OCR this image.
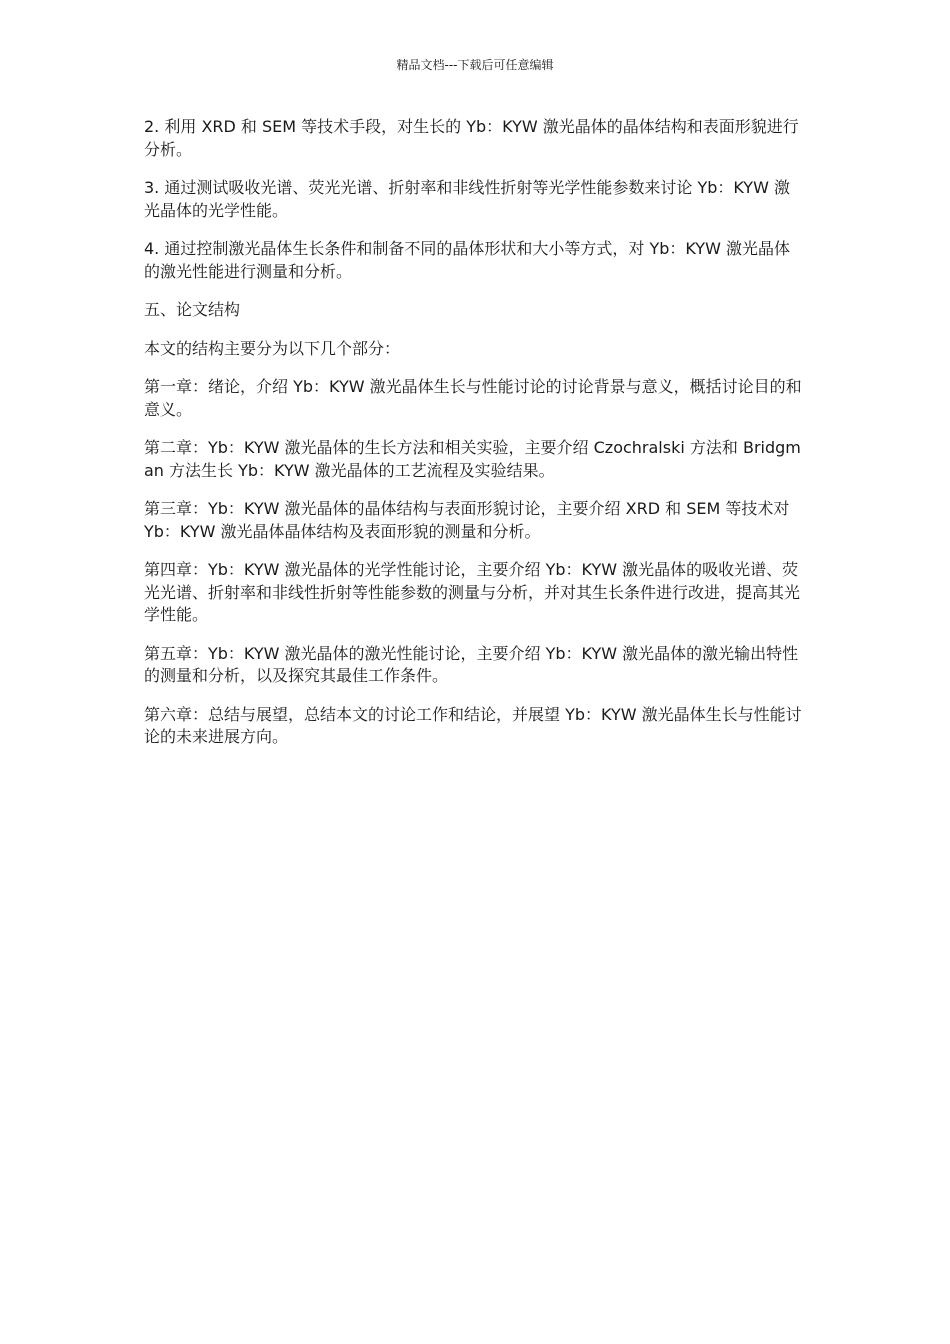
精品文档---下载后可任意编辑

2. 利用 XRD 和 SEM 等技术手段，对生长的 Yb：KYW 激光晶体的晶体结构和表面形貌进行分析。

3. 通过测试吸收光谱、荧光光谱、折射率和非线性折射等光学性能参数来讨论 Yb：KYW 激光晶体的光学性能。

4. 通过控制激光晶体生长条件和制备不同的晶体形状和大小等方式，对 Yb：KYW 激光晶体的激光性能进行测量和分析。

五、论文结构

本文的结构主要分为以下几个部分：

第一章：绪论，介绍 Yb：KYW 激光晶体生长与性能讨论的讨论背景与意义，概括讨论目的和意义。

第二章：Yb：KYW 激光晶体的生长方法和相关实验，主要介绍 Czochralski 方法和 Bridgman 方法生长 Yb：KYW 激光晶体的工艺流程及实验结果。

第三章：Yb：KYW 激光晶体的晶体结构与表面形貌讨论，主要介绍 XRD 和 SEM 等技术对 Yb：KYW 激光晶体晶体结构及表面形貌的测量和分析。

第四章：Yb：KYW 激光晶体的光学性能讨论，主要介绍 Yb：KYW 激光晶体的吸收光谱、荧光光谱、折射率和非线性折射等性能参数的测量与分析，并对其生长条件进行改进，提高其光学性能。

第五章：Yb：KYW 激光晶体的激光性能讨论，主要介绍 Yb：KYW 激光晶体的激光输出特性的测量和分析，以及探究其最佳工作条件。

第六章：总结与展望，总结本文的讨论工作和结论，并展望 Yb：KYW 激光晶体生长与性能讨论的未来进展方向。
